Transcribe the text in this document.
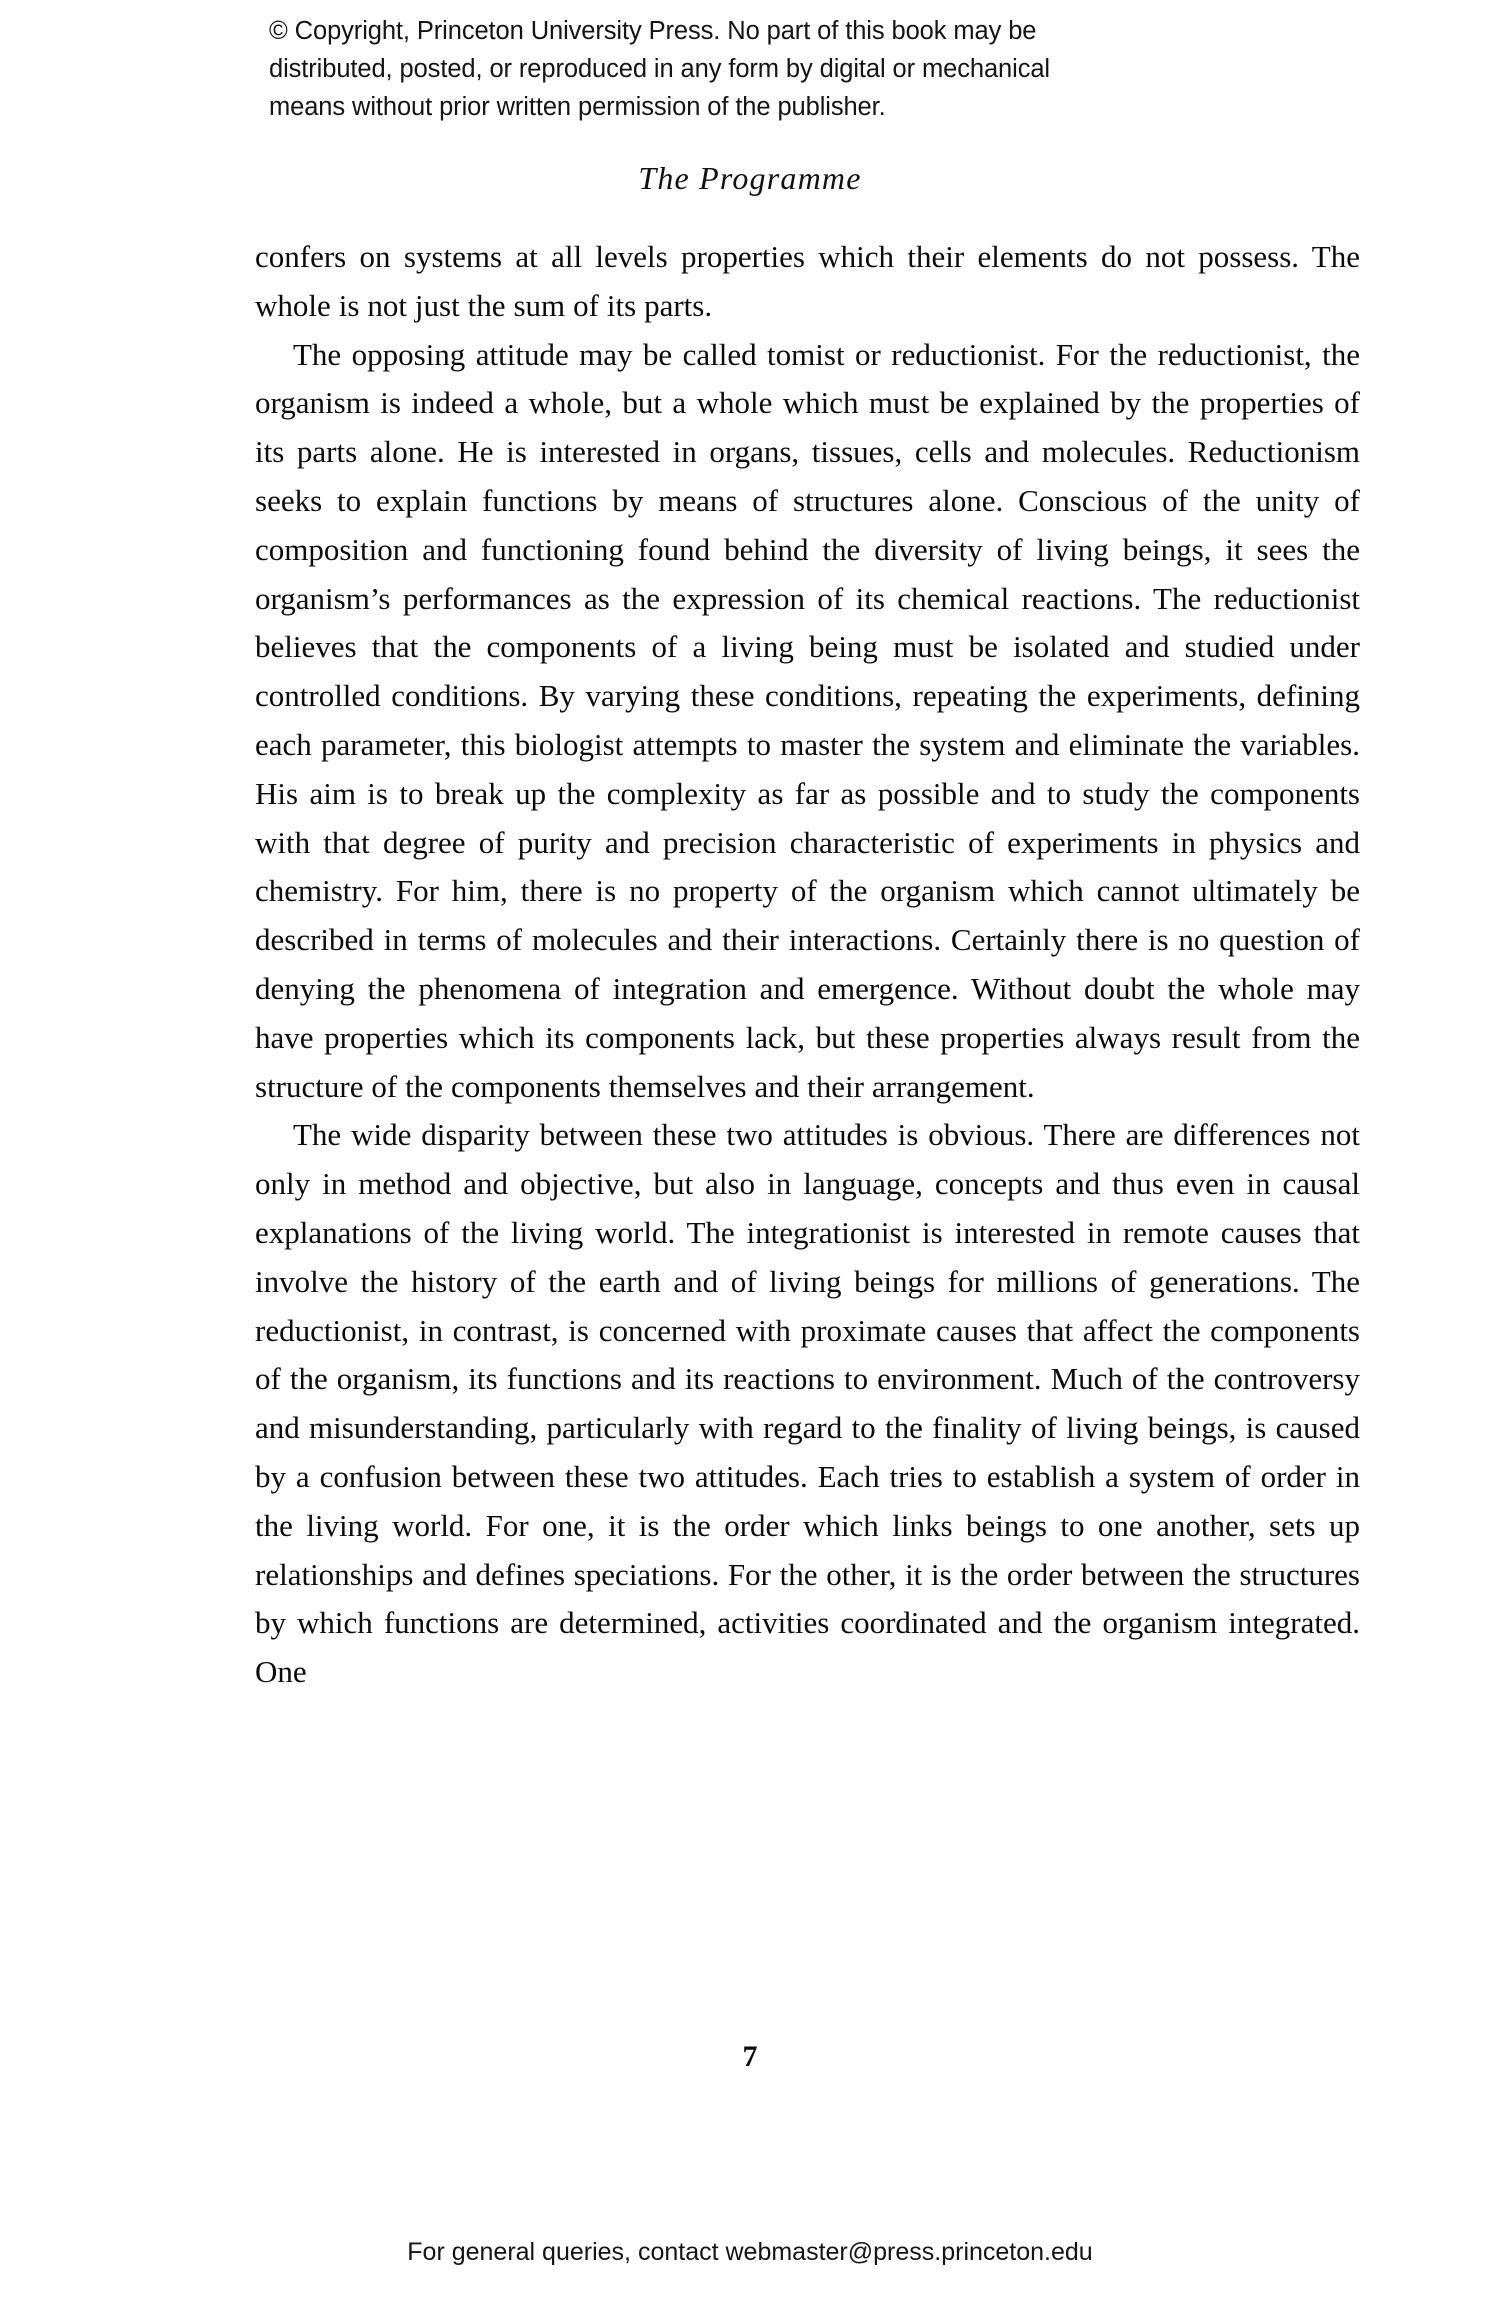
© Copyright, Princeton University Press. No part of this book may be
distributed, posted, or reproduced in any form by digital or mechanical
means without prior written permission of the publisher.
The Programme

confers on systems at all levels properties which their elements do not possess. The whole is not just the sum of its parts.

The opposing attitude may be called tomist or reductionist. For the reductionist, the organism is indeed a whole, but a whole which must be explained by the properties of its parts alone. He is interested in organs, tissues, cells and molecules. Reductionism seeks to explain functions by means of structures alone. Conscious of the unity of composition and functioning found behind the diversity of living beings, it sees the organism’s performances as the expression of its chemical reactions. The reductionist believes that the components of a living being must be isolated and studied under controlled conditions. By varying these conditions, repeating the experiments, defining each parameter, this biologist attempts to master the system and eliminate the variables. His aim is to break up the complexity as far as possible and to study the components with that degree of purity and precision characteristic of experiments in physics and chemistry. For him, there is no property of the organism which cannot ultimately be described in terms of molecules and their interactions. Certainly there is no question of denying the phenomena of integration and emergence. Without doubt the whole may have properties which its components lack, but these properties always result from the structure of the components themselves and their arrangement.

The wide disparity between these two attitudes is obvious. There are differences not only in method and objective, but also in language, concepts and thus even in causal explanations of the living world. The integrationist is interested in remote causes that involve the history of the earth and of living beings for millions of generations. The reductionist, in contrast, is concerned with proximate causes that affect the components of the organism, its functions and its reactions to environment. Much of the controversy and misunderstanding, particularly with regard to the finality of living beings, is caused by a confusion between these two attitudes. Each tries to establish a system of order in the living world. For one, it is the order which links beings to one another, sets up relationships and defines speciations. For the other, it is the order between the structures by which functions are determined, activities coordinated and the organism integrated. One

7
For general queries, contact webmaster@press.princeton.edu
